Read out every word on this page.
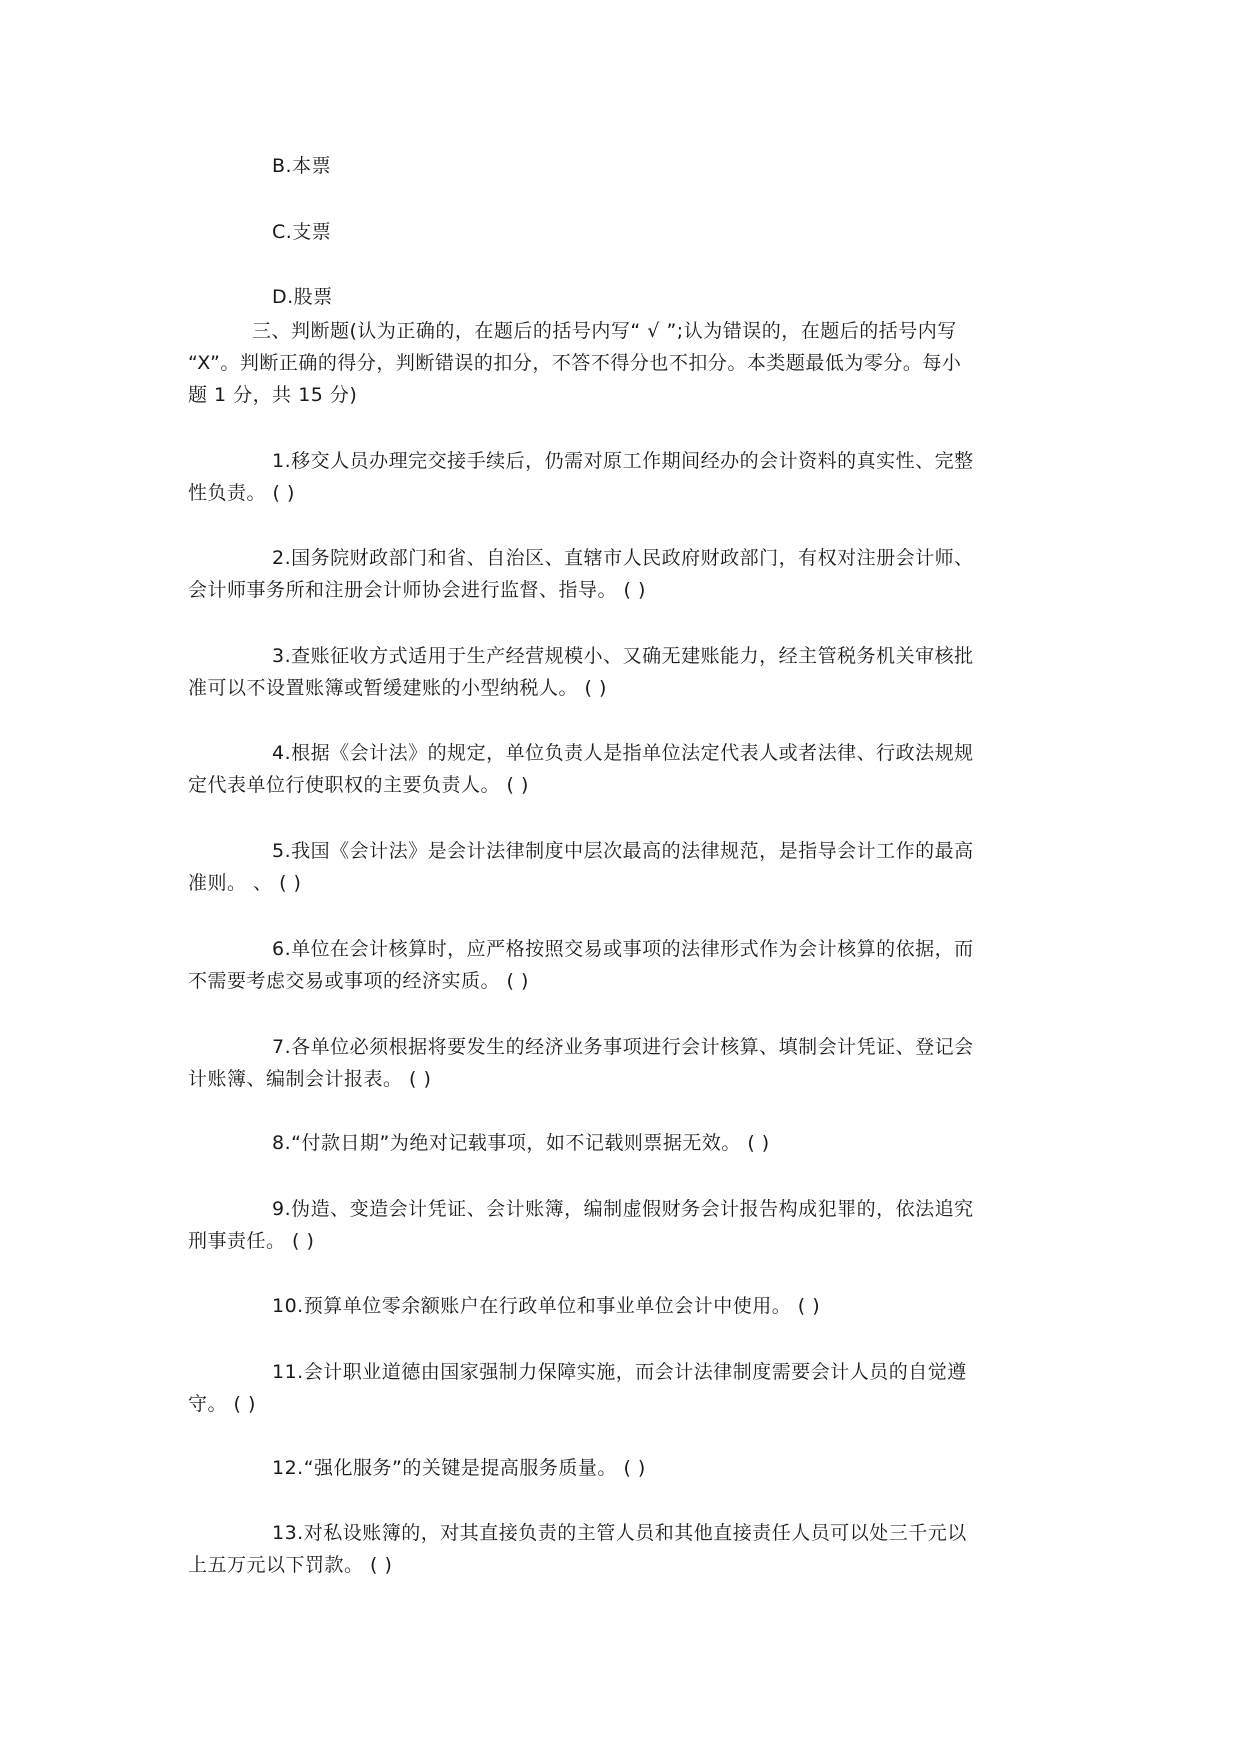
B.本票
C.支票
D.股票
三、判断题(认为正确的，在题后的括号内写“ √ ”;认为错误的，在题后的括号内写
“X”。判断正确的得分，判断错误的扣分，不答不得分也不扣分。本类题最低为零分。每小
题 1 分，共 15 分)
1.移交人员办理完交接手续后，仍需对原工作期间经办的会计资料的真实性、完整
性负责。 ( )
2.国务院财政部门和省、自治区、直辖市人民政府财政部门，有权对注册会计师、
会计师事务所和注册会计师协会进行监督、指导。 ( )
3.查账征收方式适用于生产经营规模小、又确无建账能力，经主管税务机关审核批
准可以不设置账簿或暂缓建账的小型纳税人。 ( )
4.根据《会计法》的规定，单位负责人是指单位法定代表人或者法律、行政法规规
定代表单位行使职权的主要负责人。 ( )
5.我国《会计法》是会计法律制度中层次最高的法律规范，是指导会计工作的最高
准则。 、 ( )
6.单位在会计核算时，应严格按照交易或事项的法律形式作为会计核算的依据，而
不需要考虑交易或事项的经济实质。 ( )
7.各单位必须根据将要发生的经济业务事项进行会计核算、填制会计凭证、登记会
计账簿、编制会计报表。 ( )
8.“付款日期”为绝对记载事项，如不记载则票据无效。 ( )
9.伪造、变造会计凭证、会计账簿，编制虚假财务会计报告构成犯罪的，依法追究
刑事责任。 ( )
10.预算单位零余额账户在行政单位和事业单位会计中使用。 ( )
11.会计职业道德由国家强制力保障实施，而会计法律制度需要会计人员的自觉遵
守。 ( )
12.“强化服务”的关键是提高服务质量。 ( )
13.对私设账簿的，对其直接负责的主管人员和其他直接责任人员可以处三千元以
上五万元以下罚款。 ( )
